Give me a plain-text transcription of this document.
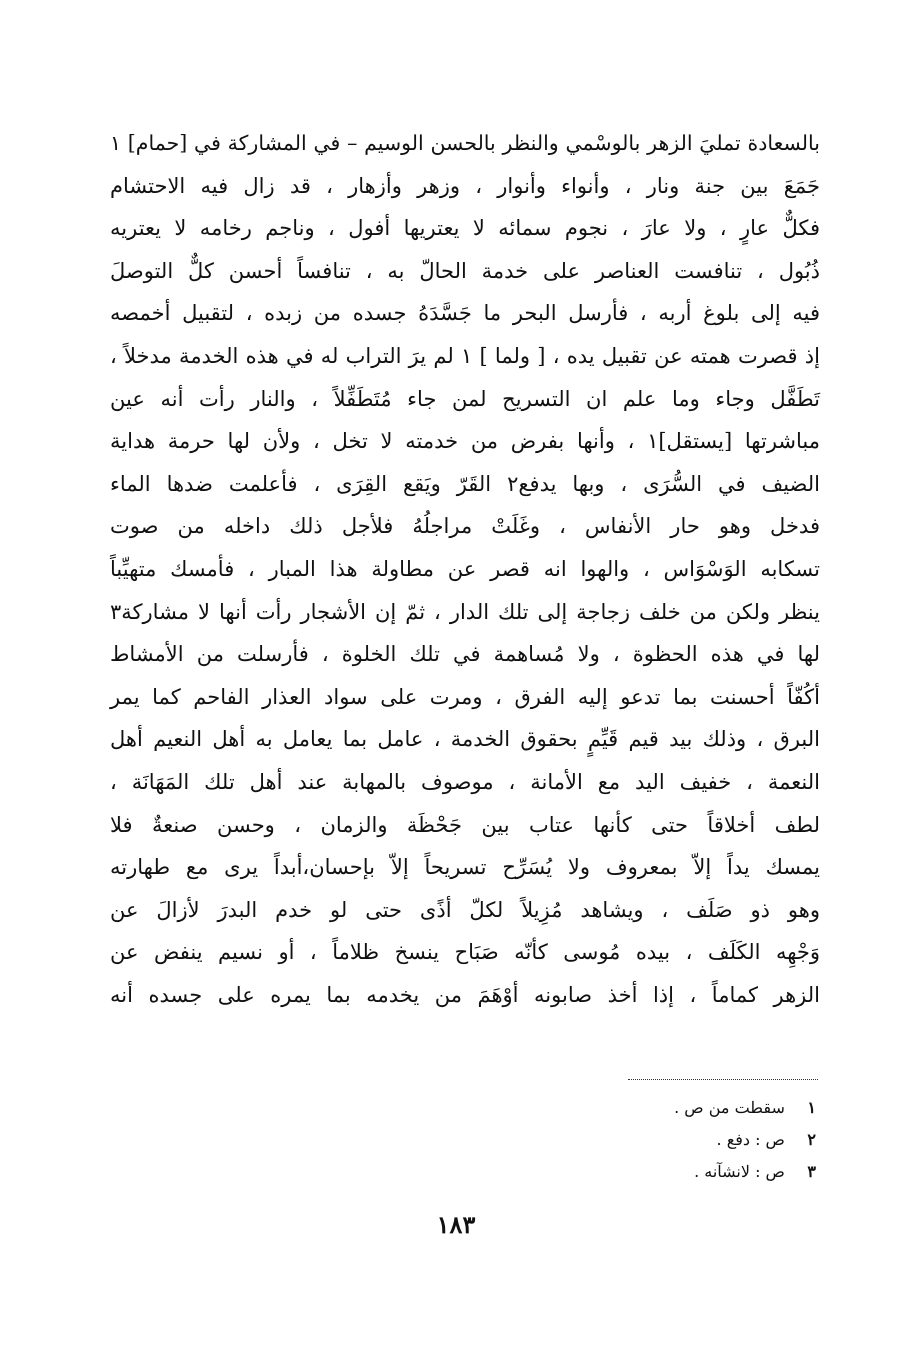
بالسعادة تمليَ الزهر بالوسْمي والنظر بالحسن الوسيم – في المشاركة في [حمام] ١
جَمَعَ بين جنة ونار ، وأنواء وأنوار ، وزهر وأزهار ، قد زال فيه الاحتشام
فكلٌّ عارٍ ، ولا عارَ ، نجوم سمائه لا يعتريها أفول ، وناجم رخامه لا يعتريه
ذُبُول ، تنافست العناصر على خدمة الحالّ به ، تنافساً أحسن كلٌّ التوصلَ
فيه إلى بلوغ أربه ، فأرسل البحر ما جَسَّدَهُ جسده من زبده ، لتقبيل أخمصه
إذ قصرت همته عن تقبيل يده ، [ ولما ] ١ لم يرَ التراب له في هذه الخدمة مدخلاً ،
تَطَفَّل وجاء وما علم ان التسريح لمن جاء مُتَطَفِّلاً ، والنار رأت أنه عين
مباشرتها [يستقل]١ ، وأنها بفرض من خدمته لا تخل ، ولأن لها حرمة هداية
الضيف في السُّرَى ، وبها يدفع٢ القَرّ ويَقع القِرَى ، فأعلمت ضدها الماء
فدخل وهو حار الأنفاس ، وغَلَتْ مراجلُهُ فلأجل ذلك داخله من صوت
تسكابه الوَسْوَاس ، والهوا انه قصر عن مطاولة هذا المبار ، فأمسك متهيِّباً
ينظر ولكن من خلف زجاجة إلى تلك الدار ، ثمّ إن الأشجار رأت أنها لا مشاركة٣
لها في هذه الحظوة ، ولا مُساهمة في تلك الخلوة ، فأرسلت من الأمشاط
أكُفّاً أحسنت بما تدعو إليه الفرق ، ومرت على سواد العذار الفاحم كما يمر
البرق ، وذلك بيد قيم قَيِّمٍ بحقوق الخدمة ، عامل بما يعامل به أهل النعيم أهل
النعمة ، خفيف اليد مع الأمانة ، موصوف بالمهابة عند أهل تلك المَهَانَة ،
لطف أخلاقاً حتى كأنها عتاب بين جَحْظَة والزمان ، وحسن صنعةٌ فلا
يمسك يداً إلاّ بمعروف ولا يُسَرِّح تسريحاً إلاّ بإحسان،أبداً يرى مع طهارته
وهو ذو صَلَف ، ويشاهد مُزِيلاً لكلّ أذًى حتى لو خدم البدرَ لأزالَ عن
وَجْهِه الكَلَف ، بيده مُوسى كأنّه صَبَاح ينسخ ظلاماً ، أو نسيم ينفض عن
الزهر كماماً ، إذا أخذ صابونه أوْهَمَ من يخدمه بما يمره على جسده أنه
١ سقطت من ص .
٢ ص : دفع .
٣ ص : لانشآنه .
١٨٣
